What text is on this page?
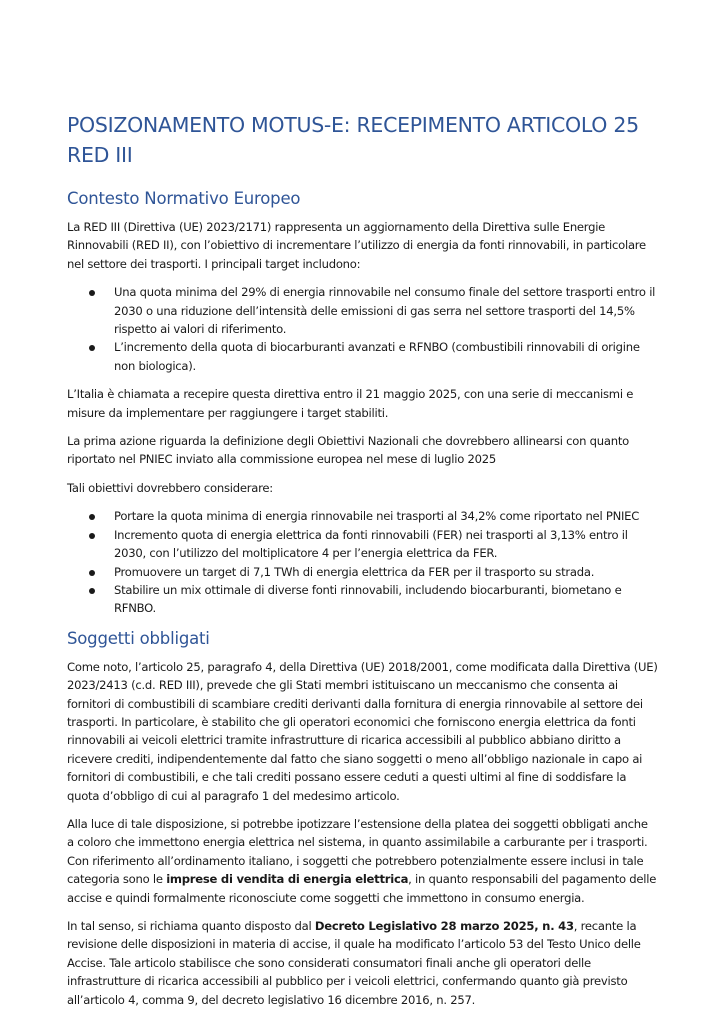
POSIZONAMENTO MOTUS-E: RECEPIMENTO ARTICOLO 25 RED III
Contesto Normativo Europeo

La RED III (Direttiva (UE) 2023/2171) rappresenta un aggiornamento della Direttiva sulle Energie Rinnovabili (RED II), con l’obiettivo di incrementare l’utilizzo di energia da fonti rinnovabili, in particolare nel settore dei trasporti. I principali target includono:

Una quota minima del 29% di energia rinnovabile nel consumo finale del settore trasporti entro il 2030 o una riduzione dell’intensità delle emissioni di gas serra nel settore trasporti del 14,5% rispetto ai valori di riferimento.
L’incremento della quota di biocarburanti avanzati e RFNBO (combustibili rinnovabili di origine non biologica).

L’Italia è chiamata a recepire questa direttiva entro il 21 maggio 2025, con una serie di meccanismi e misure da implementare per raggiungere i target stabiliti.

La prima azione riguarda la definizione degli Obiettivi Nazionali che dovrebbero allinearsi con quanto riportato nel PNIEC inviato alla commissione europea nel mese di luglio 2025

Tali obiettivi dovrebbero considerare:

Portare la quota minima di energia rinnovabile nei trasporti al 34,2% come riportato nel PNIEC
Incremento quota di energia elettrica da fonti rinnovabili (FER) nei trasporti al 3,13% entro il 2030, con l’utilizzo del moltiplicatore 4 per l’energia elettrica da FER.
Promuovere un target di 7,1 TWh di energia elettrica da FER per il trasporto su strada.
Stabilire un mix ottimale di diverse fonti rinnovabili, includendo biocarburanti, biometano e RFNBO.
Soggetti obbligati

Come noto, l’articolo 25, paragrafo 4, della Direttiva (UE) 2018/2001, come modificata dalla Direttiva (UE) 2023/2413 (c.d. RED III), prevede che gli Stati membri istituiscano un meccanismo che consenta ai fornitori di combustibili di scambiare crediti derivanti dalla fornitura di energia rinnovabile al settore dei trasporti. In particolare, è stabilito che gli operatori economici che forniscono energia elettrica da fonti rinnovabili ai veicoli elettrici tramite infrastrutture di ricarica accessibili al pubblico abbiano diritto a ricevere crediti, indipendentemente dal fatto che siano soggetti o meno all’obbligo nazionale in capo ai fornitori di combustibili, e che tali crediti possano essere ceduti a questi ultimi al fine di soddisfare la quota d’obbligo di cui al paragrafo 1 del medesimo articolo.

Alla luce di tale disposizione, si potrebbe ipotizzare l’estensione della platea dei soggetti obbligati anche a coloro che immettono energia elettrica nel sistema, in quanto assimilabile a carburante per i trasporti. Con riferimento all’ordinamento italiano, i soggetti che potrebbero potenzialmente essere inclusi in tale categoria sono le imprese di vendita di energia elettrica, in quanto responsabili del pagamento delle accise e quindi formalmente riconosciute come soggetti che immettono in consumo energia.

In tal senso, si richiama quanto disposto dal Decreto Legislativo 28 marzo 2025, n. 43, recante la revisione delle disposizioni in materia di accise, il quale ha modificato l’articolo 53 del Testo Unico delle Accise. Tale articolo stabilisce che sono considerati consumatori finali anche gli operatori delle infrastrutture di ricarica accessibili al pubblico per i veicoli elettrici, confermando quanto già previsto all’articolo 4, comma 9, del decreto legislativo 16 dicembre 2016, n. 257.
